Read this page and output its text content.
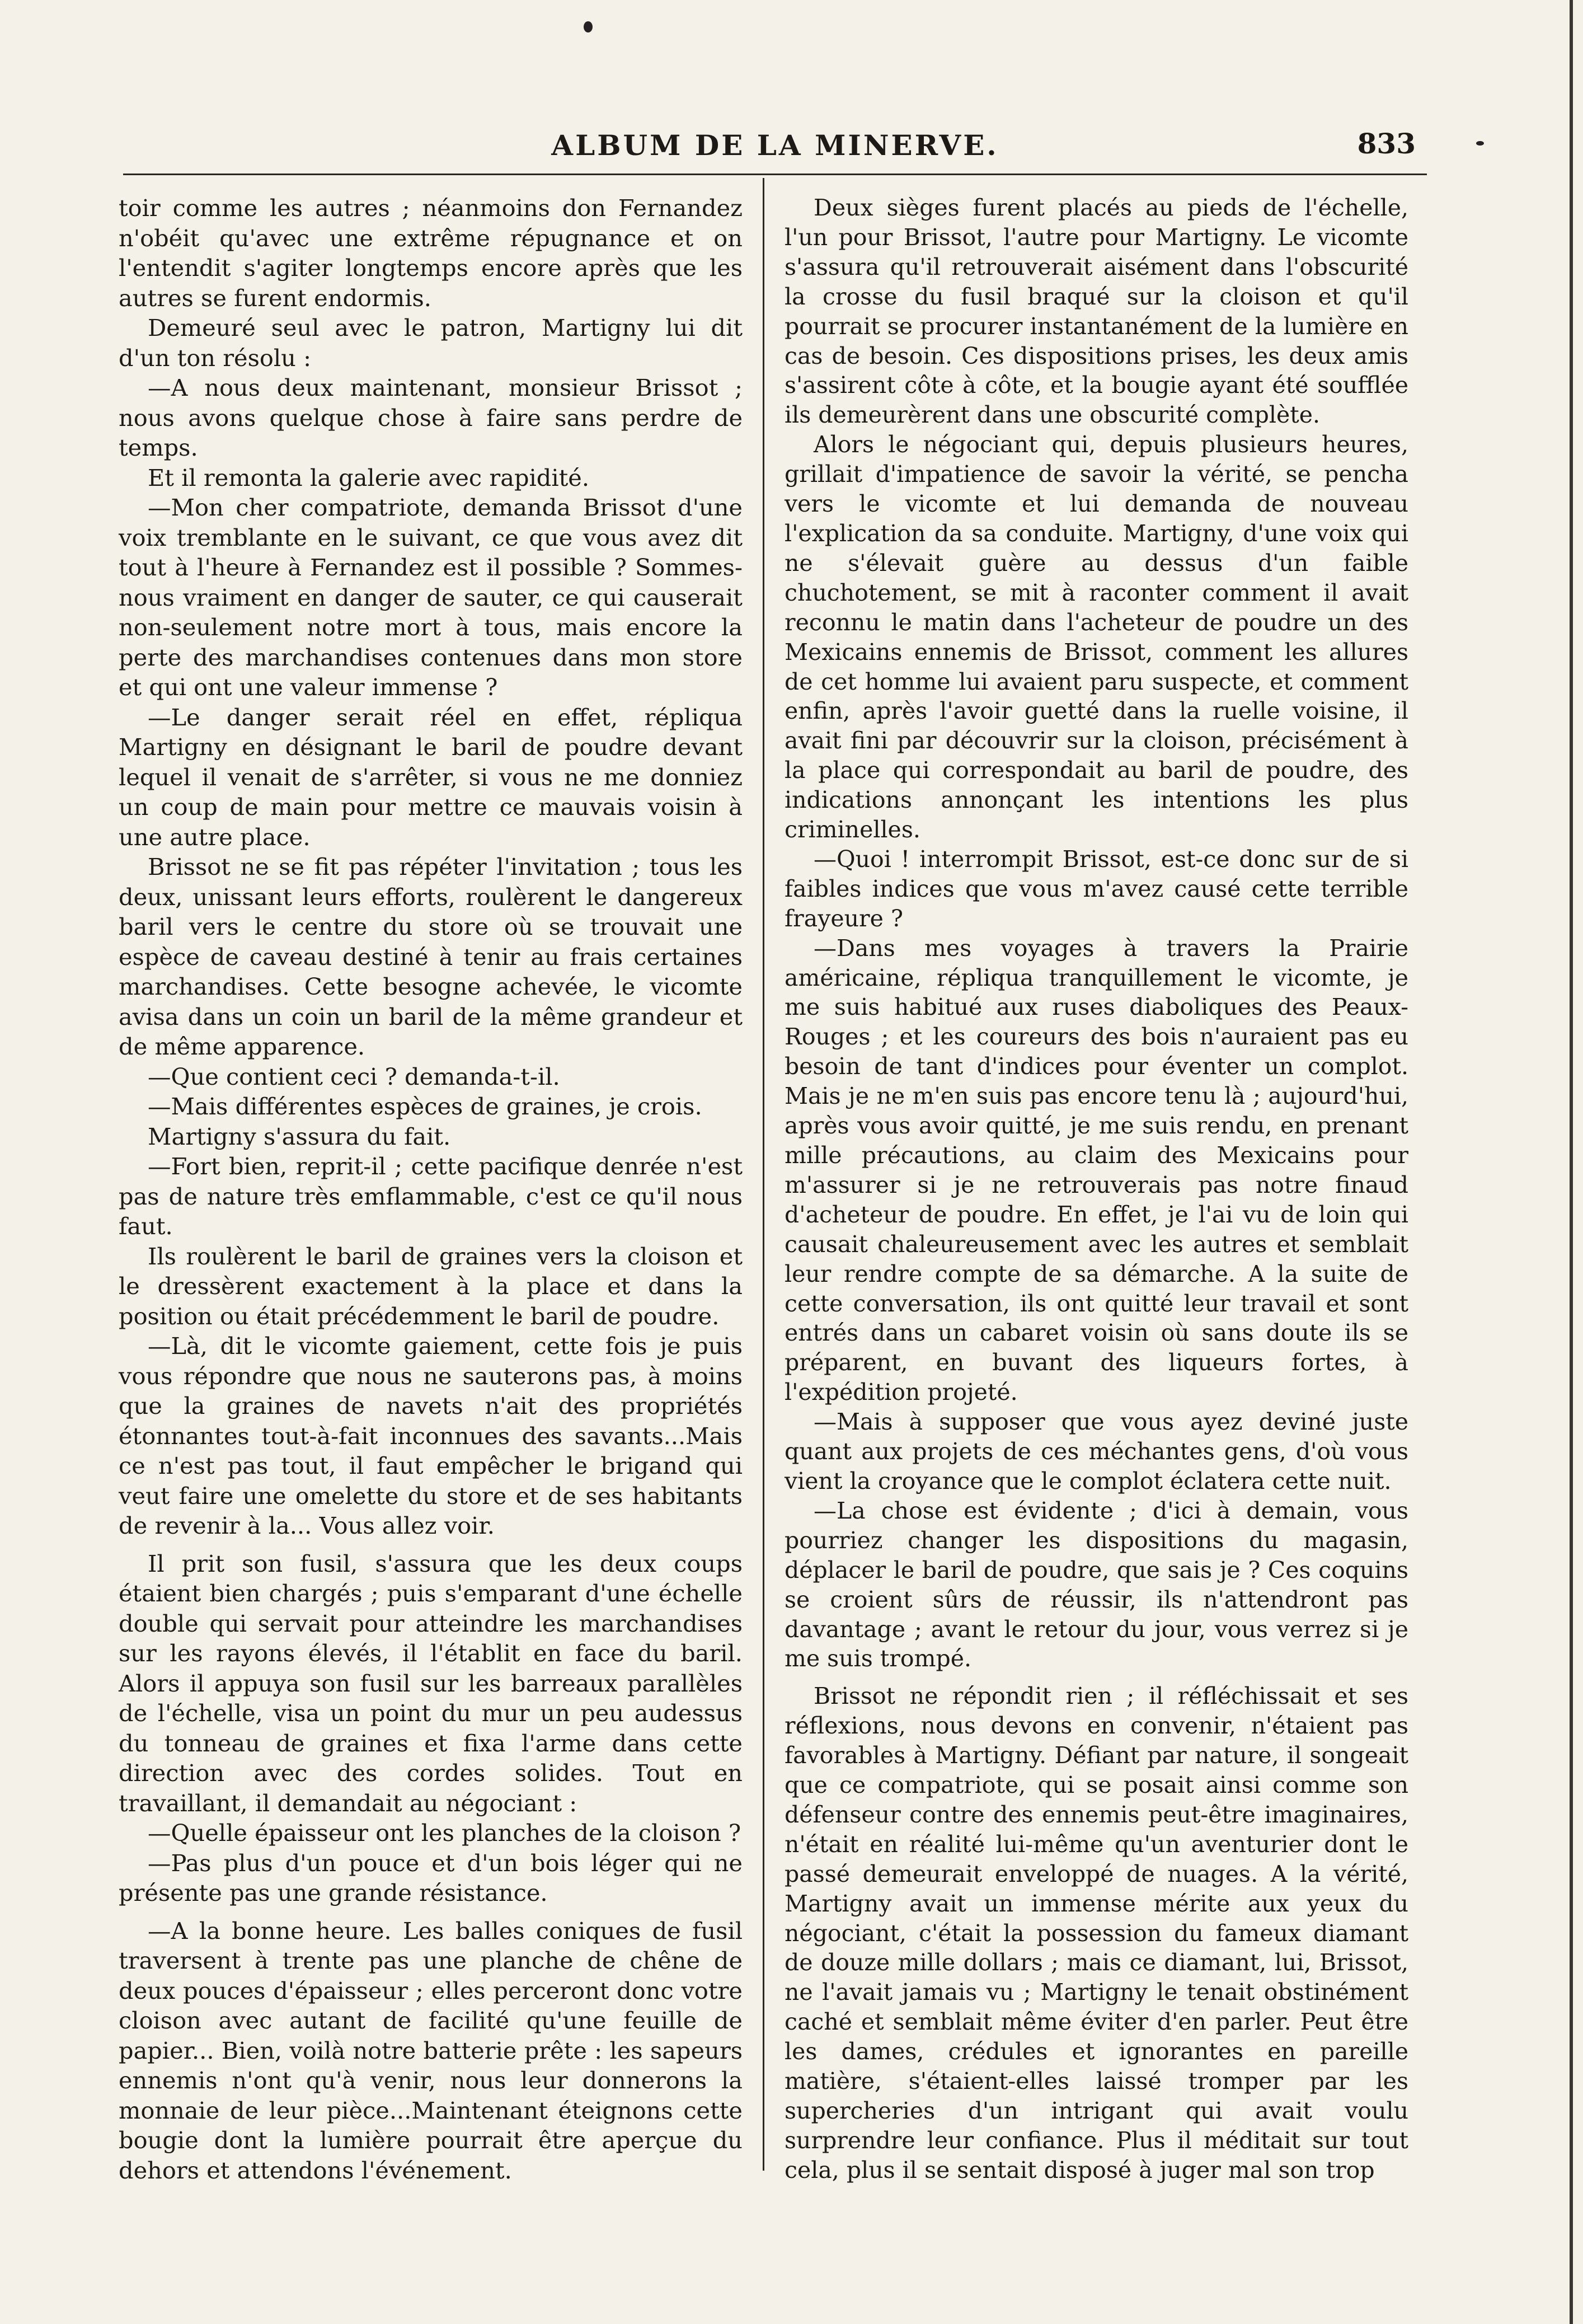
ALBUM DE LA MINERVE.	833

toir comme les autres ; néanmoins don Fernandez n'obéit qu'avec une extrême répugnance et on l'entendit s'agiter longtemps encore après que les autres se furent endormis.

Demeuré seul avec le patron, Martigny lui dit d'un ton résolu :

—A nous deux maintenant, monsieur Brissot ; nous avons quelque chose à faire sans perdre de temps.

Et il remonta la galerie avec rapidité.

—Mon cher compatriote, demanda Brissot d'une voix tremblante en le suivant, ce que vous avez dit tout à l'heure à Fernandez est il possible ? Sommes-nous vraiment en danger de sauter, ce qui causerait non-seulement notre mort à tous, mais encore la perte des marchandises contenues dans mon store et qui ont une valeur immense ?

—Le danger serait réel en effet, répliqua Martigny en désignant le baril de poudre devant lequel il venait de s'arrêter, si vous ne me donniez un coup de main pour mettre ce mauvais voisin à une autre place.

Brissot ne se fit pas répéter l'invitation ; tous les deux, unissant leurs efforts, roulèrent le dangereux baril vers le centre du store où se trouvait une espèce de caveau destiné à tenir au frais certaines marchandises. Cette besogne achevée, le vicomte avisa dans un coin un baril de la même grandeur et de même apparence.

—Que contient ceci ? demanda-t-il.

—Mais différentes espèces de graines, je crois.

Martigny s'assura du fait.

—Fort bien, reprit-il ; cette pacifique denrée n'est pas de nature très emflammable, c'est ce qu'il nous faut.

Ils roulèrent le baril de graines vers la cloison et le dressèrent exactement à la place et dans la position ou était précédemment le baril de poudre.

—Là, dit le vicomte gaiement, cette fois je puis vous répondre que nous ne sauterons pas, à moins que la graines de navets n'ait des propriétés étonnantes tout-à-fait inconnues des savants...Mais ce n'est pas tout, il faut empêcher le brigand qui veut faire une omelette du store et de ses habitants de revenir à la... Vous allez voir.

Il prit son fusil, s'assura que les deux coups étaient bien chargés ; puis s'emparant d'une échelle double qui servait pour atteindre les marchandises sur les rayons élevés, il l'établit en face du baril. Alors il appuya son fusil sur les barreaux parallèles de l'échelle, visa un point du mur un peu audessus du tonneau de graines et fixa l'arme dans cette direction avec des cordes solides. Tout en travaillant, il demandait au négociant :

—Quelle épaisseur ont les planches de la cloison ?

—Pas plus d'un pouce et d'un bois léger qui ne présente pas une grande résistance.

—A la bonne heure. Les balles coniques de fusil traversent à trente pas une planche de chêne de deux pouces d'épaisseur ; elles perceront donc votre cloison avec autant de facilité qu'une feuille de papier... Bien, voilà notre batterie prête : les sapeurs ennemis n'ont qu'à venir, nous leur donnerons la monnaie de leur pièce...Maintenant éteignons cette bougie dont la lumière pourrait être aperçue du dehors et attendons l'événement.

Deux sièges furent placés au pieds de l'échelle, l'un pour Brissot, l'autre pour Martigny. Le vicomte s'assura qu'il retrouverait aisément dans l'obscurité la crosse du fusil braqué sur la cloison et qu'il pourrait se procurer instantanément de la lumière en cas de besoin. Ces dispositions prises, les deux amis s'assirent côte à côte, et la bougie ayant été soufflée ils demeurèrent dans une obscurité complète.

Alors le négociant qui, depuis plusieurs heures, grillait d'impatience de savoir la vérité, se pencha vers le vicomte et lui demanda de nouveau l'explication da sa conduite. Martigny, d'une voix qui ne s'élevait guère au dessus d'un faible chuchotement, se mit à raconter comment il avait reconnu le matin dans l'acheteur de poudre un des Mexicains ennemis de Brissot, comment les allures de cet homme lui avaient paru suspecte, et comment enfin, après l'avoir guetté dans la ruelle voisine, il avait fini par découvrir sur la cloison, précisément à la place qui correspondait au baril de poudre, des indications annonçant les intentions les plus criminelles.

—Quoi ! interrompit Brissot, est-ce donc sur de si faibles indices que vous m'avez causé cette terrible frayeure ?

—Dans mes voyages à travers la Prairie américaine, répliqua tranquillement le vicomte, je me suis habitué aux ruses diaboliques des Peaux-Rouges ; et les coureurs des bois n'auraient pas eu besoin de tant d'indices pour éventer un complot. Mais je ne m'en suis pas encore tenu là ; aujourd'hui, après vous avoir quitté, je me suis rendu, en prenant mille précautions, au claim des Mexicains pour m'assurer si je ne retrouverais pas notre finaud d'acheteur de poudre. En effet, je l'ai vu de loin qui causait chaleureusement avec les autres et semblait leur rendre compte de sa démarche. A la suite de cette conversation, ils ont quitté leur travail et sont entrés dans un cabaret voisin où sans doute ils se préparent, en buvant des liqueurs fortes, à l'expédition projeté.

—Mais à supposer que vous ayez deviné juste quant aux projets de ces méchantes gens, d'où vous vient la croyance que le complot éclatera cette nuit.

—La chose est évidente ; d'ici à demain, vous pourriez changer les dispositions du magasin, déplacer le baril de poudre, que sais je ? Ces coquins se croient sûrs de réussir, ils n'attendront pas davantage ; avant le retour du jour, vous verrez si je me suis trompé.

Brissot ne répondit rien ; il réfléchissait et ses réflexions, nous devons en convenir, n'étaient pas favorables à Martigny. Défiant par nature, il songeait que ce compatriote, qui se posait ainsi comme son défenseur contre des ennemis peut-être imaginaires, n'était en réalité lui-même qu'un aventurier dont le passé demeurait enveloppé de nuages. A la vérité, Martigny avait un immense mérite aux yeux du négociant, c'était la possession du fameux diamant de douze mille dollars ; mais ce diamant, lui, Brissot, ne l'avait jamais vu ; Martigny le tenait obstinément caché et semblait même éviter d'en parler. Peut être les dames, crédules et ignorantes en pareille matière, s'étaient-elles laissé tromper par les supercheries d'un intrigant qui avait voulu surprendre leur confiance. Plus il méditait sur tout cela, plus il se sentait disposé à juger mal son trop
